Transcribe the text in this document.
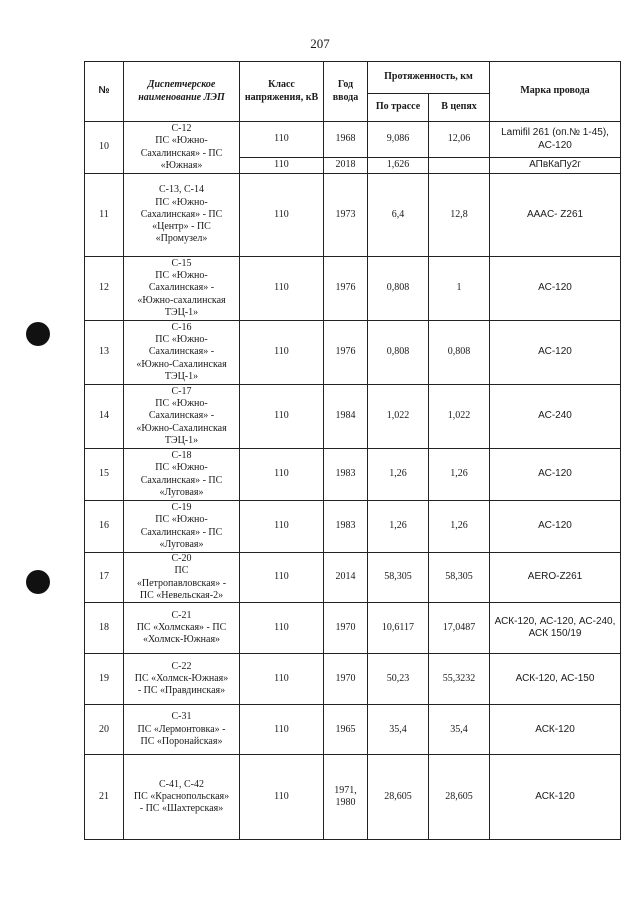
207
№	Диспетчерское наименование ЛЭП	Класс напряжения, кВ	Год ввода	Протяженность, км		Марка провода
				По трассе	В цепях	
10	С-12
ПС «Южно-
Сахалинская» - ПС
«Южная»	110	1968	9,086	12,06	Lamifil 261 (оп.№ 1-45), АС-120
		110	2018	1,626		АПвКаПу2г
11	С-13, С-14
ПС «Южно-
Сахалинская» - ПС
«Центр» - ПС
«Промузел»	110	1973	6,4	12,8	AAAC- Z261
12	С-15
ПС «Южно-
Сахалинская» -
«Южно-сахалинская
ТЭЦ-1»	110	1976	0,808	1	АС-120
13	С-16
ПС «Южно-
Сахалинская» -
«Южно-Сахалинская
ТЭЦ-1»	110	1976	0,808	0,808	АС-120
14	С-17
ПС «Южно-
Сахалинская» -
«Южно-Сахалинская
ТЭЦ-1»	110	1984	1,022	1,022	АС-240
15	С-18
ПС «Южно-
Сахалинская» - ПС
«Луговая»	110	1983	1,26	1,26	АС-120
16	С-19
ПС «Южно-
Сахалинская» - ПС
«Луговая»	110	1983	1,26	1,26	АС-120
17	С-20
ПС
«Петропавловская» -
ПС «Невельская-2»	110	2014	58,305	58,305	AERO-Z261
18	С-21
ПС «Холмская» - ПС
«Холмск-Южная»	110	1970	10,6117	17,0487	АСК-120, АС-120, АС-240, АСК 150/19
19	С-22
ПС «Холмск-Южная»
- ПС «Правдинская»	110	1970	50,23	55,3232	АСК-120, АС-150
20	С-31
ПС «Лермонтовка» -
ПС «Поронайская»	110	1965	35,4	35,4	АСК-120
21	С-41, С-42
ПС «Краснопольская»
- ПС «Шахтерская»	110	1971, 1980	28,605	28,605	АСК-120
